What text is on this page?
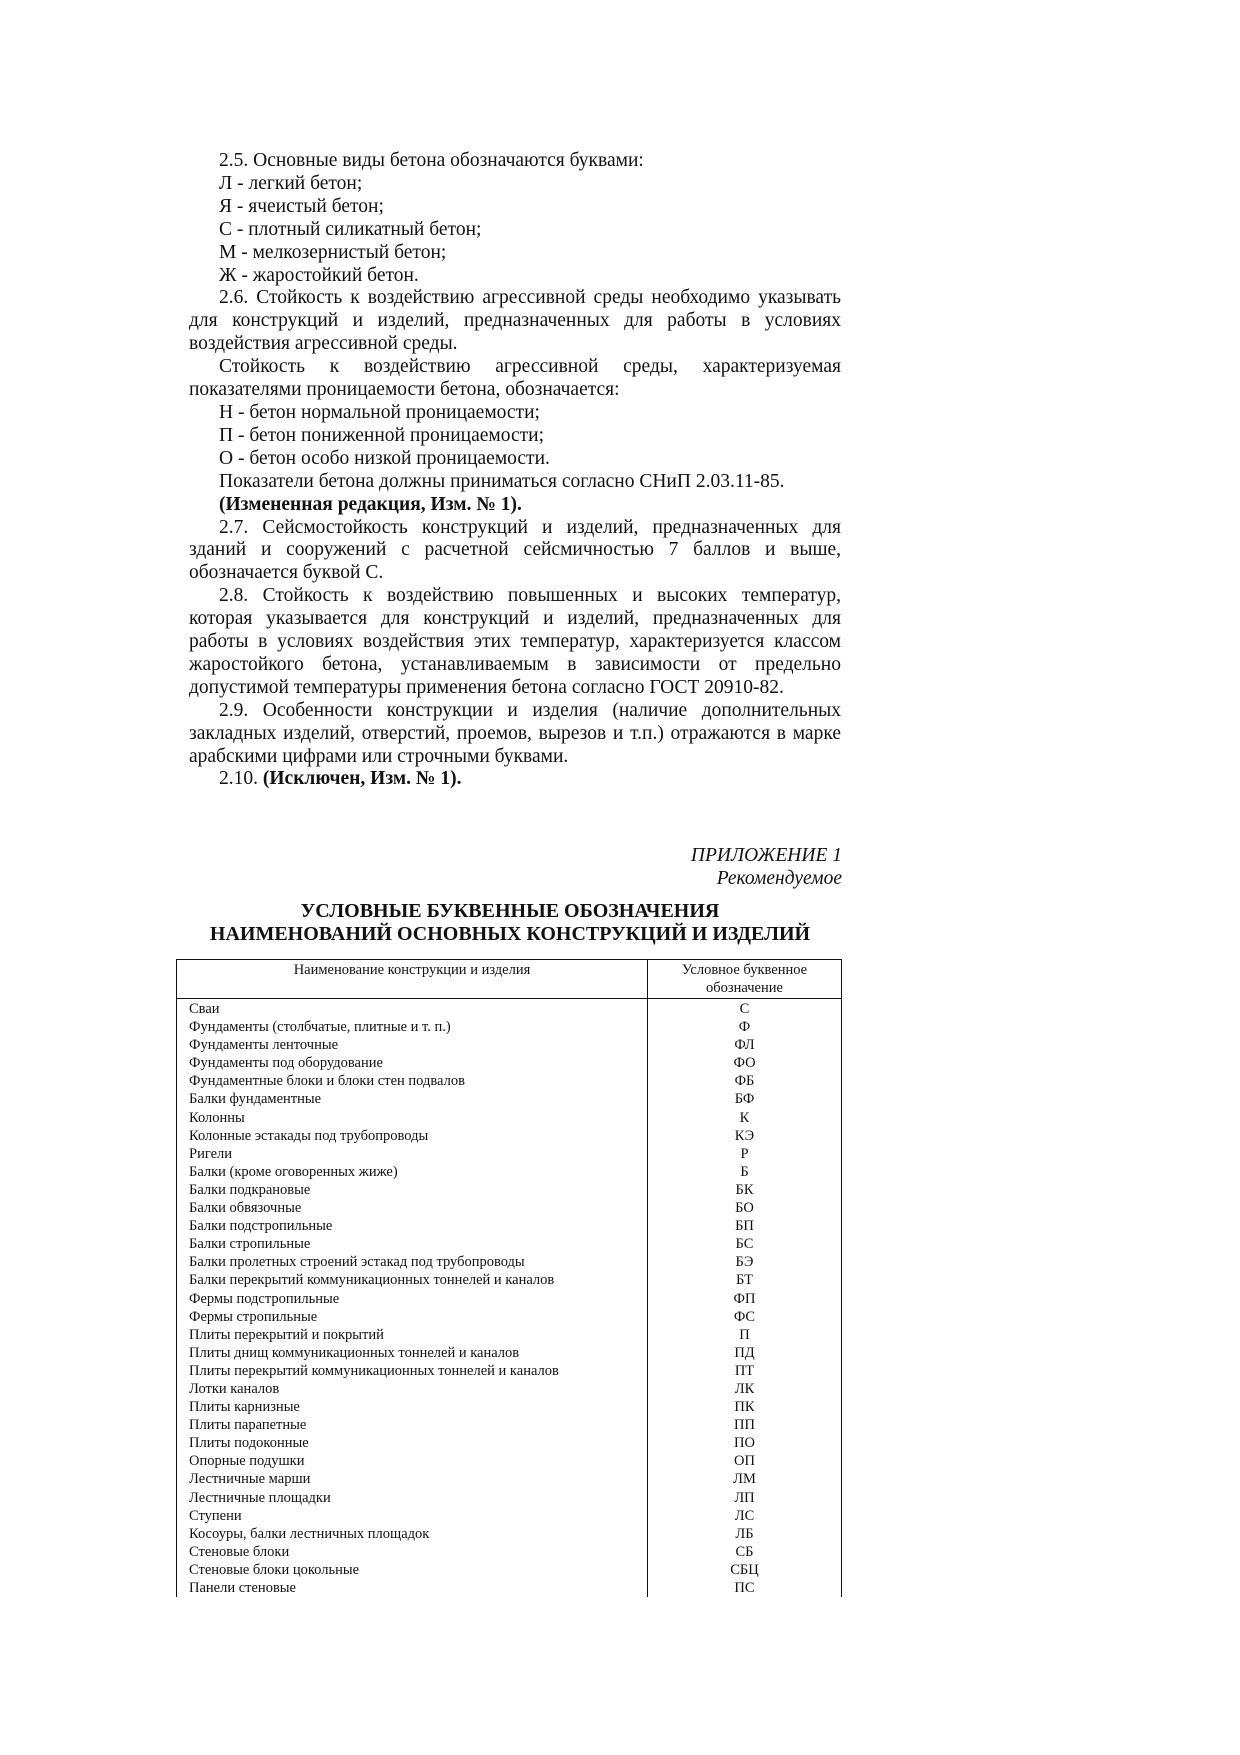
2.5. Основные виды бетона обозначаются буквами:

Л - легкий бетон;

Я - ячеистый бетон;

С - плотный силикатный бетон;

М - мелкозернистый бетон;

Ж - жаростойкий бетон.

2.6. Стойкость к воздействию агрессивной среды необходимо указывать для конструкций и изделий, предназначенных для работы в условиях воздействия агрессивной среды.

Стойкость к воздействию агрессивной среды, характеризуемая показателями проницаемости бетона, обозначается:

Н - бетон нормальной проницаемости;

П - бетон пониженной проницаемости;

О - бетон особо низкой проницаемости.

Показатели бетона должны приниматься согласно СНиП 2.03.11-85.

(Измененная редакция, Изм. № 1).

2.7. Сейсмостойкость конструкций и изделий, предназначенных для зданий и сооружений с расчетной сейсмичностью 7 баллов и выше, обозначается буквой С.

2.8. Стойкость к воздействию повышенных и высоких температур, которая указывается для конструкций и изделий, предназначенных для работы в условиях воздействия этих температур, характеризуется классом жаростойкого бетона, устанавливаемым в зависимости от предельно допустимой температуры применения бетона согласно ГОСТ 20910-82.

2.9. Особенности конструкции и изделия (наличие дополнительных закладных изделий, отверстий, проемов, вырезов и т.п.) отражаются в марке арабскими цифрами или строчными буквами.

2.10. (Исключен, Изм. № 1).

ПРИЛОЖЕНИЕ 1
Рекомендуемое
УСЛОВНЫЕ БУКВЕННЫЕ ОБОЗНАЧЕНИЯ
НАИМЕНОВАНИЙ ОСНОВНЫХ КОНСТРУКЦИЙ И ИЗДЕЛИЙ
Наименование конструкции и изделия	Условное буквенное обозначение
Сваи	С
Фундаменты (столбчатые, плитные и т. п.)	Ф
Фундаменты ленточные	ФЛ
Фундаменты под оборудование	ФО
Фундаментные блоки и блоки стен подвалов	ФБ
Балки фундаментные	БФ
Колонны	К
Колонные эстакады под трубопроводы	КЭ
Ригели	Р
Балки (кроме оговоренных жиже)	Б
Балки подкрановые	БК
Балки обвязочные	БО
Балки подстропильные	БП
Балки стропильные	БС
Балки пролетных строений эстакад под трубопроводы	БЭ
Балки перекрытий коммуникационных тоннелей и каналов	БТ
Фермы подстропильные	ФП
Фермы стропильные	ФС
Плиты перекрытий и покрытий	П
Плиты днищ коммуникационных тоннелей и каналов	ПД
Плиты перекрытий коммуникационных тоннелей и каналов	ПТ
Лотки каналов	ЛК
Плиты карнизные	ПК
Плиты парапетные	ПП
Плиты подоконные	ПО
Опорные подушки	ОП
Лестничные марши	ЛМ
Лестничные площадки	ЛП
Ступени	ЛС
Косоуры, балки лестничных площадок	ЛБ
Стеновые блоки	СБ
Стеновые блоки цокольные	СБЦ
Панели стеновые	ПС
